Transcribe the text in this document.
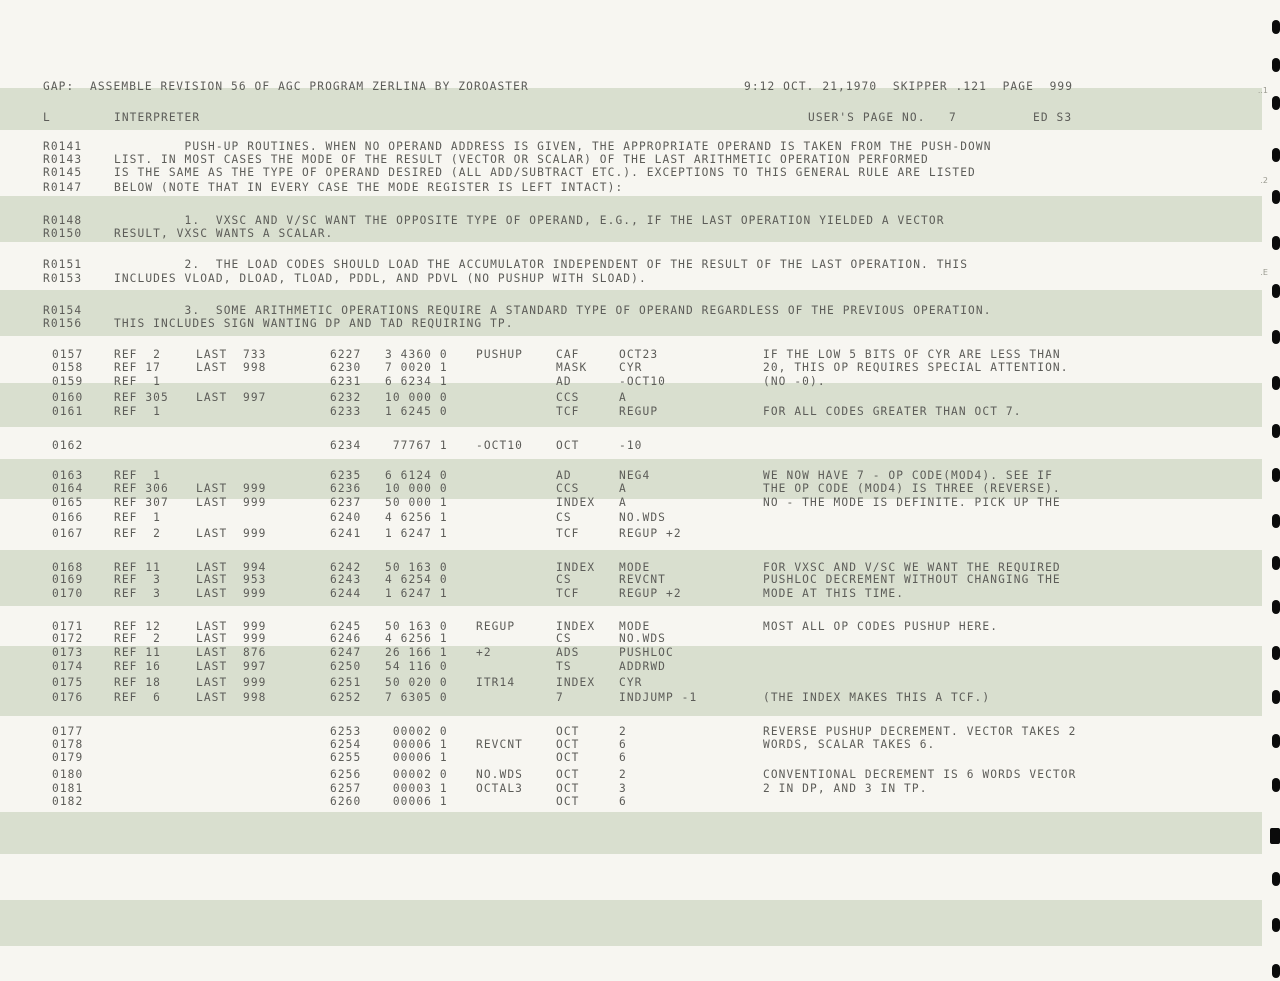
GAP:  ASSEMBLE REVISION 56 OF AGC PROGRAM ZERLINA BY ZOROASTER	9:12 OCT. 21,1970  SKIPPER .121  PAGE  999
L	INTERPRETER	USER'S PAGE NO.   7	ED S3
R0141	PUSH-UP ROUTINES. WHEN NO OPERAND ADDRESS IS GIVEN, THE APPROPRIATE OPERAND IS TAKEN FROM THE PUSH-DOWN
R0143	LIST. IN MOST CASES THE MODE OF THE RESULT (VECTOR OR SCALAR) OF THE LAST ARITHMETIC OPERATION PERFORMED
R0145	IS THE SAME AS THE TYPE OF OPERAND DESIRED (ALL ADD/SUBTRACT ETC.). EXCEPTIONS TO THIS GENERAL RULE ARE LISTED
R0147	BELOW (NOTE THAT IN EVERY CASE THE MODE REGISTER IS LEFT INTACT):
R0148	1.  VXSC AND V/SC WANT THE OPPOSITE TYPE OF OPERAND, E.G., IF THE LAST OPERATION YIELDED A VECTOR
R0150	RESULT, VXSC WANTS A SCALAR.
R0151	2.  THE LOAD CODES SHOULD LOAD THE ACCUMULATOR INDEPENDENT OF THE RESULT OF THE LAST OPERATION. THIS
R0153	INCLUDES VLOAD, DLOAD, TLOAD, PDDL, AND PDVL (NO PUSHUP WITH SLOAD).
R0154	3.  SOME ARITHMETIC OPERATIONS REQUIRE A STANDARD TYPE OF OPERAND REGARDLESS OF THE PREVIOUS OPERATION.
R0156	THIS INCLUDES SIGN WANTING DP AND TAD REQUIRING TP.
0157	REF  2	LAST  733	6227 3 4360 0	PUSHUP	CAF	OCT23	IF THE LOW 5 BITS OF CYR ARE LESS THAN
0158	REF 17	LAST  998	6230 7 0020 1	MASK	CYR	20, THIS OP REQUIRES SPECIAL ATTENTION.
0159	REF  1	6231 6 6234 1	AD	-OCT10	(NO -0).
0160	REF 305 LAST  997	6232 10 000 0	CCS	A
0161	REF  1	6233 1 6245 0	TCF	REGUP	FOR ALL CODES GREATER THAN OCT 7.
0162	6234 77767 1	-OCT10	OCT	-10
0163	REF  1	6235 6 6124 0	AD	NEG4	WE NOW HAVE 7 - OP CODE(MOD4). SEE IF
0164	REF 306 LAST  999	6236 10 000 0	CCS	A	THE OP CODE (MOD4) IS THREE (REVERSE).
0165	REF 307 LAST  999	6237 50 000 1	INDEX A	NO - THE MODE IS DEFINITE. PICK UP THE
0166	REF  1	6240 4 6256 1	CS	NO.WDS
0167	REF  2	LAST  999	6241 1 6247 1	TCF	REGUP +2
0168	REF 11	LAST  994	6242 50 163 0	INDEX MODE	FOR VXSC AND V/SC WE WANT THE REQUIRED
0169	REF  3	LAST  953	6243 4 6254 0	CS	REVCNT	PUSHLOC DECREMENT WITHOUT CHANGING THE
0170	REF  3	LAST  999	6244 1 6247 1	TCF	REGUP +2	MODE AT THIS TIME.
0171	REF 12	LAST  999	6245 50 163 0	REGUP	INDEX MODE	MOST ALL OP CODES PUSHUP HERE.
0172	REF  2	LAST  999	6246 4 6256 1	CS	NO.WDS
0173	REF 11	LAST  876	6247 26 166 1	+2	ADS	PUSHLOC
0174	REF 16	LAST  997	6250 54 116 0	TS	ADDRWD
0175	REF 18	LAST  999	6251 50 020 0	ITR14	INDEX CYR
0176	REF  6	LAST  998	6252 7 6305 0	7	INDJUMP -1	(THE INDEX MAKES THIS A TCF.)
0177	6253 00002 0	OCT	2	REVERSE PUSHUP DECREMENT. VECTOR TAKES 2
0178	6254 00006 1	REVCNT	OCT	6	WORDS, SCALAR TAKES 6.
0179	6255 00006 1	OCT	6
0180	6256 00002 0	NO.WDS	OCT	2	CONVENTIONAL DECREMENT IS 6 WORDS VECTOR
0181	6257 00003 1	OCTAL3	OCT	3	2 IN DP, AND 3 IN TP.
0182	6260 00006 1	OCT	6
..1
.2
.E
